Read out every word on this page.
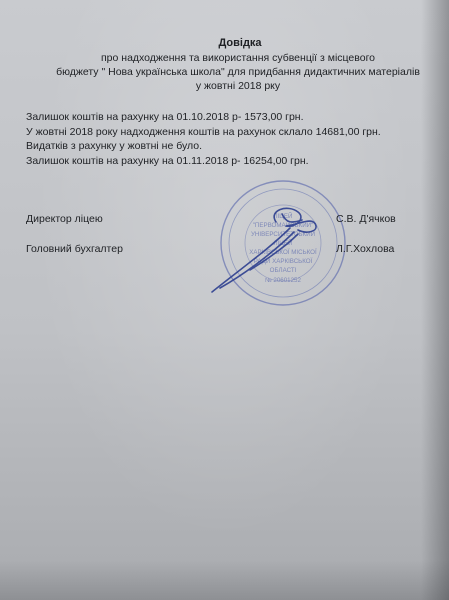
Довідка
про надходження та використання субвенції з місцевого
бюджету " Нова українська школа" для придбання дидактичних матеріалів
у жовтні 2018 рку
Залишок коштів на рахунку на 01.10.2018 р- 1573,00 грн.
У жовтні 2018 року надходження коштів на рахунок склало 14681,00 грн.
Видатків з рахунку у жовтні не було.
Залишок коштів на рахунку на 01.11.2018 р- 16254,00 грн.
ЛІЦЕЙ
"ПЕРВОМАЙСЬКИЙ"
УНІВЕРСИТЕТСЬКИЙ
ЛІЦЕЙ
ХАРКІВСЬКОЇ МІСЬКОЇ
РАДИ ХАРКІВСЬКОЇ
ОБЛАСТІ
№ 20601252
Директор ліцею	С.В. Д'ячков
Головний бухгалтер	Л.Г.Хохлова
